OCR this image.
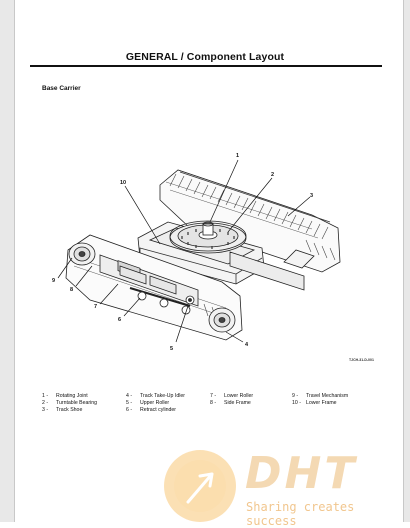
GENERAL / Component Layout
Base Carrier
1
2
3
4
5
6
7
8
9
10
TJCH-31-D-001
1 - Rotating Joint
2 - Turntable Bearing
3 - Track Shoe
4 - Track Take-Up Idler
5 - Upper Roller
6 - Retract cylinder
7 - Lower Roller
8 - Side Frame
9 - Travel Mechanism
10 - Lower Frame
DHT
Sharing creates success
